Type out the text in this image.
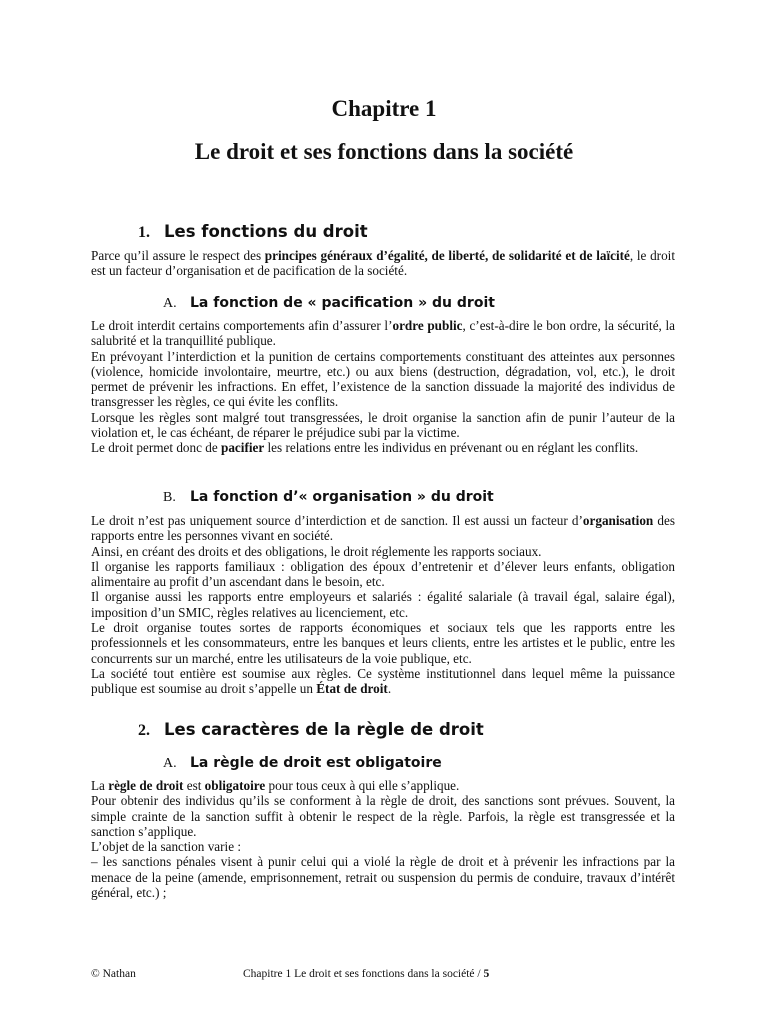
Chapitre 1
Le droit et ses fonctions dans la société
1. Les fonctions du droit

Parce qu’il assure le respect des principes généraux d’égalité, de liberté, de solidarité et de laïcité, le droit est un facteur d’organisation et de pacification de la société.

A. La fonction de « pacification » du droit

Le droit interdit certains comportements afin d’assurer l’ordre public, c’est-à-dire le bon ordre, la sécurité, la salubrité et la tranquillité publique.

En prévoyant l’interdiction et la punition de certains comportements constituant des atteintes aux personnes (violence, homicide involontaire, meurtre, etc.) ou aux biens (destruction, dégradation, vol, etc.), le droit permet de prévenir les infractions. En effet, l’existence de la sanction dissuade la majorité des individus de transgresser les règles, ce qui évite les conflits.

Lorsque les règles sont malgré tout transgressées, le droit organise la sanction afin de punir l’auteur de la violation et, le cas échéant, de réparer le préjudice subi par la victime.

Le droit permet donc de pacifier les relations entre les individus en prévenant ou en réglant les conflits.

B. La fonction d’« organisation » du droit

Le droit n’est pas uniquement source d’interdiction et de sanction. Il est aussi un facteur d’organisation des rapports entre les personnes vivant en société.

Ainsi, en créant des droits et des obligations, le droit réglemente les rapports sociaux.

Il organise les rapports familiaux : obligation des époux d’entretenir et d’élever leurs enfants, obligation alimentaire au profit d’un ascendant dans le besoin, etc.

Il organise aussi les rapports entre employeurs et salariés : égalité salariale (à travail égal, salaire égal), imposition d’un SMIC, règles relatives au licenciement, etc.

Le droit organise toutes sortes de rapports économiques et sociaux tels que les rapports entre les professionnels et les consommateurs, entre les banques et leurs clients, entre les artistes et le public, entre les concurrents sur un marché, entre les utilisateurs de la voie publique, etc.

La société tout entière est soumise aux règles. Ce système institutionnel dans lequel même la puissance publique est soumise au droit s’appelle un État de droit.

2. Les caractères de la règle de droit
A. La règle de droit est obligatoire

La règle de droit est obligatoire pour tous ceux à qui elle s’applique.

Pour obtenir des individus qu’ils se conforment à la règle de droit, des sanctions sont prévues. Souvent, la simple crainte de la sanction suffit à obtenir le respect de la règle. Parfois, la règle est transgressée et la sanction s’applique.

L’objet de la sanction varie :

– les sanctions pénales visent à punir celui qui a violé la règle de droit et à prévenir les infractions par la menace de la peine (amende, emprisonnement, retrait ou suspension du permis de conduire, travaux d’intérêt général, etc.) ;

© Nathan	Chapitre 1 Le droit et ses fonctions dans la société / 5
